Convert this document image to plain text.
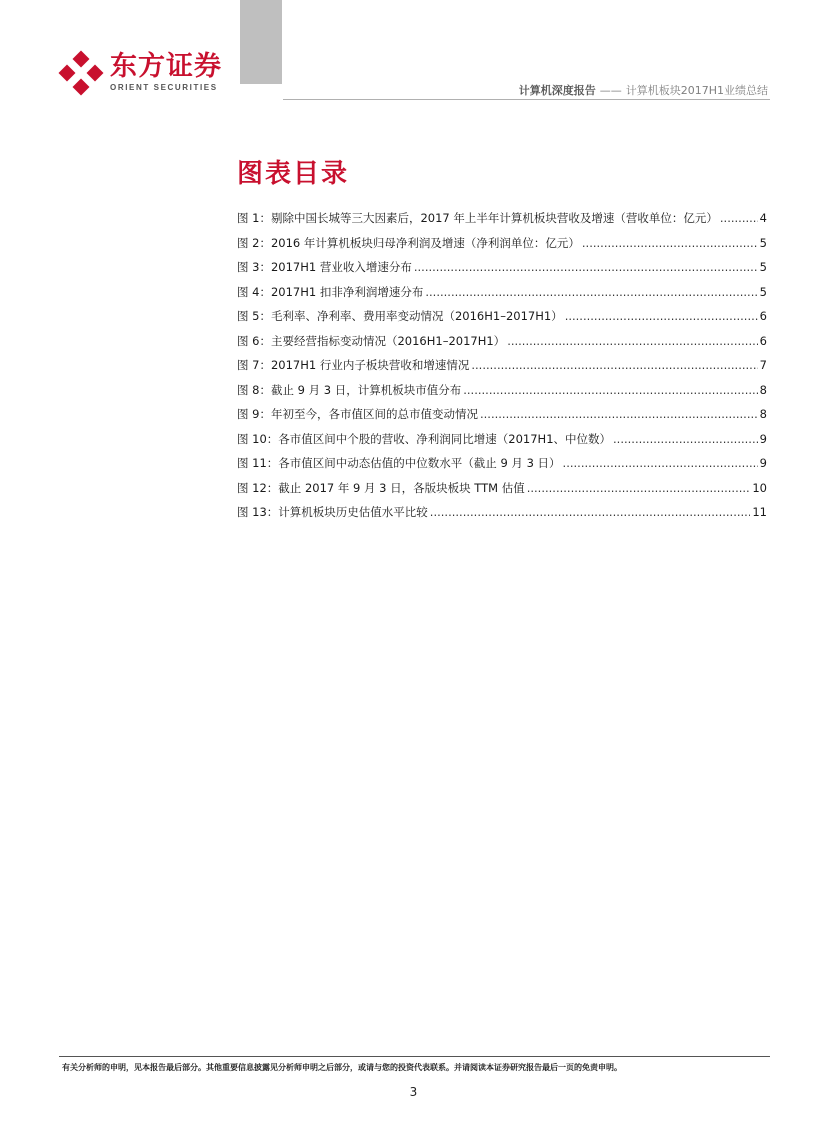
东方证券
ORIENT SECURITIES	计算机深度报告 —— 计算机板块2017H1业绩总结
图表目录
图 1：剔除中国长城等三大因素后，2017 年上半年计算机板块营收及增速（营收单位：亿元） .....	4
图 2：2016 年计算机板块归母净利润及增速（净利润单位：亿元） .....	5
图 3：2017H1 营业收入增速分布 .....	5
图 4：2017H1 扣非净利润增速分布 .....	5
图 5：毛利率、净利率、费用率变动情况（2016H1–2017H1） .....	6
图 6：主要经营指标变动情况（2016H1–2017H1） .....	6
图 7：2017H1 行业内子板块营收和增速情况 .....	7
图 8：截止 9 月 3 日，计算机板块市值分布 .....	8
图 9：年初至今，各市值区间的总市值变动情况 .....	8
图 10：各市值区间中个股的营收、净利润同比增速（2017H1、中位数） .....	9
图 11：各市值区间中动态估值的中位数水平（截止 9 月 3 日） .....	9
图 12：截止 2017 年 9 月 3 日，各版块板块 TTM 估值 .....	10
图 13：计算机板块历史估值水平比较 .....	11
有关分析师的申明，见本报告最后部分。其他重要信息披露见分析师申明之后部分，或请与您的投资代表联系。并请阅读本证券研究报告最后一页的免责申明。
3
